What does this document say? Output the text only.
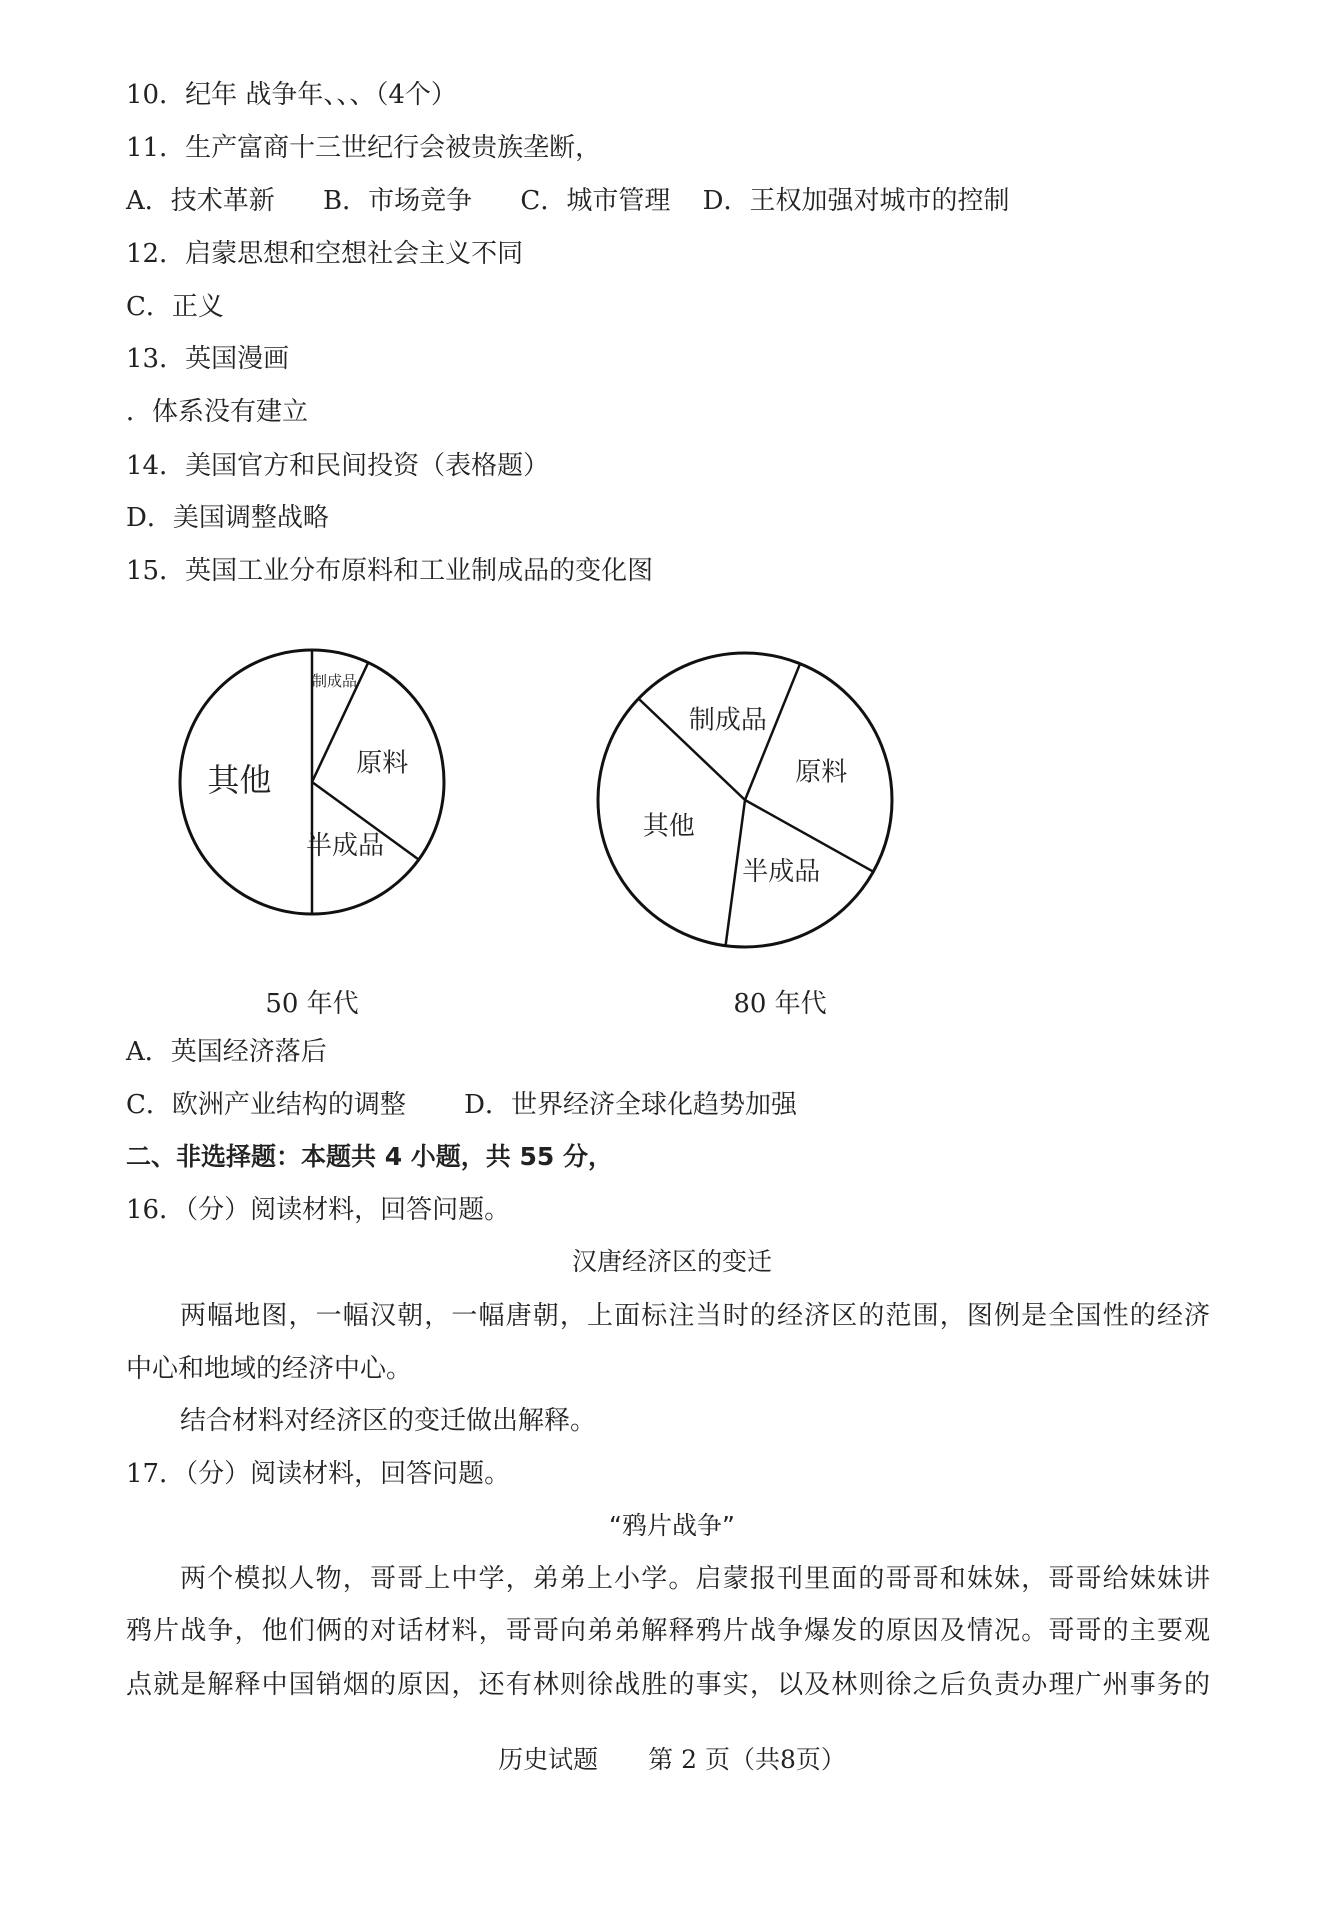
10．纪年 战争年、、、（4个）
11．生产富商十三世纪行会被贵族垄断，
A．技术革新 B．市场竞争 C．城市管理 D．王权加强对城市的控制
12．启蒙思想和空想社会主义不同
C．正义
13．英国漫画
．体系没有建立
14．美国官方和民间投资（表格题）
D．美国调整战略
15．英国工业分布原料和工业制成品的变化图
制成品
原料
半成品
其他	原料
半成品
其他
制成品
50 年代	80 年代
A．英国经济落后
C．欧洲产业结构的调整 D．世界经济全球化趋势加强
二、非选择题：本题共 4 小题，共 55 分，
16．（分）阅读材料，回答问题。
汉唐经济区的变迁
两幅地图，一幅汉朝，一幅唐朝，上面标注当时的经济区的范围，图例是全国性的经济
中心和地域的经济中心。
结合材料对经济区的变迁做出解释。
17．（分）阅读材料，回答问题。
“鸦片战争”
两个模拟人物，哥哥上中学，弟弟上小学。启蒙报刊里面的哥哥和妹妹，哥哥给妹妹讲
鸦片战争，他们俩的对话材料，哥哥向弟弟解释鸦片战争爆发的原因及情况。哥哥的主要观
点就是解释中国销烟的原因，还有林则徐战胜的事实，以及林则徐之后负责办理广州事务的
历史试题　　第 2 页（共8页）
